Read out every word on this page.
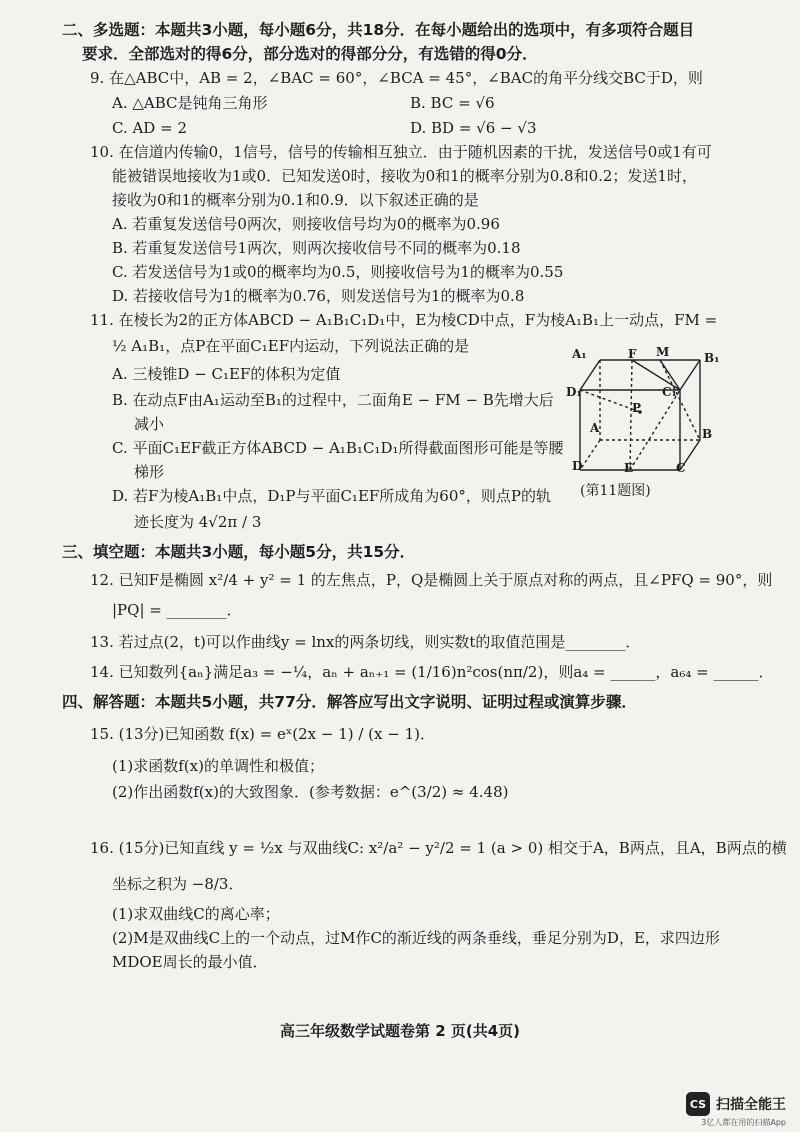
二、多选题：本题共3小题，每小题6分，共18分．在每小题给出的选项中，有多项符合题目
要求．全部选对的得6分，部分选对的得部分分，有选错的得0分．
9. 在△ABC中，AB = 2，∠BAC = 60°，∠BCA = 45°，∠BAC的角平分线交BC于D，则
A. △ABC是钝角三角形	B. BC = √6
C. AD = 2	D. BD = √6 − √3
10. 在信道内传输0，1信号，信号的传输相互独立．由于随机因素的干扰，发送信号0或1有可
能被错误地接收为1或0．已知发送0时，接收为0和1的概率分别为0.8和0.2；发送1时，
接收为0和1的概率分别为0.1和0.9．以下叙述正确的是
A. 若重复发送信号0两次，则接收信号均为0的概率为0.96
B. 若重复发送信号1两次，则两次接收信号不同的概率为0.18
C. 若发送信号为1或0的概率均为0.5，则接收信号为1的概率为0.55
D. 若接收信号为1的概率为0.76，则发送信号为1的概率为0.8
11. 在棱长为2的正方体ABCD − A₁B₁C₁D₁中，E为棱CD中点，F为棱A₁B₁上一动点，FM =
½ A₁B₁，点P在平面C₁EF内运动，下列说法正确的是
A. 三棱锥D − C₁EF的体积为定值
B. 在动点F由A₁运动至B₁的过程中，二面角E − FM − B先增大后
减小
C. 平面C₁EF截正方体ABCD − A₁B₁C₁D₁所得截面图形可能是等腰
梯形
D. 若F为棱A₁B₁中点，D₁P与平面C₁EF所成角为60°，则点P的轨
迹长度为 4√2π / 3
A₁	F M	B₁
D₁	C₁
P
A	B
D	E	C
(第11题图)
三、填空题：本题共3小题，每小题5分，共15分．
12. 已知F是椭圆 x²/4 + y² = 1 的左焦点，P，Q是椭圆上关于原点对称的两点，且∠PFQ = 90°，则
|PQ| = ________．
13. 若过点(2，t)可以作曲线y = lnx的两条切线，则实数t的取值范围是________．
14. 已知数列{aₙ}满足a₃ = −¼，aₙ + aₙ₊₁ = (1/16)n²cos(nπ/2)，则a₄ = ______，a₆₄ = ______．
四、解答题：本题共5小题，共77分．解答应写出文字说明、证明过程或演算步骤．
15. (13分)已知函数 f(x) = eˣ(2x − 1) / (x − 1)．
(1)求函数f(x)的单调性和极值；
(2)作出函数f(x)的大致图象．(参考数据：e^(3/2) ≈ 4.48)
16. (15分)已知直线 y = ½x 与双曲线C: x²/a² − y²/2 = 1 (a > 0) 相交于A，B两点，且A，B两点的横
坐标之积为 −8/3．
(1)求双曲线C的离心率；
(2)M是双曲线C上的一个动点，过M作C的渐近线的两条垂线，垂足分别为D，E，求四边形
MDOE周长的最小值．
高三年级数学试题卷第 2 页(共4页)
CS 扫描全能王
3亿人都在用的扫描App
